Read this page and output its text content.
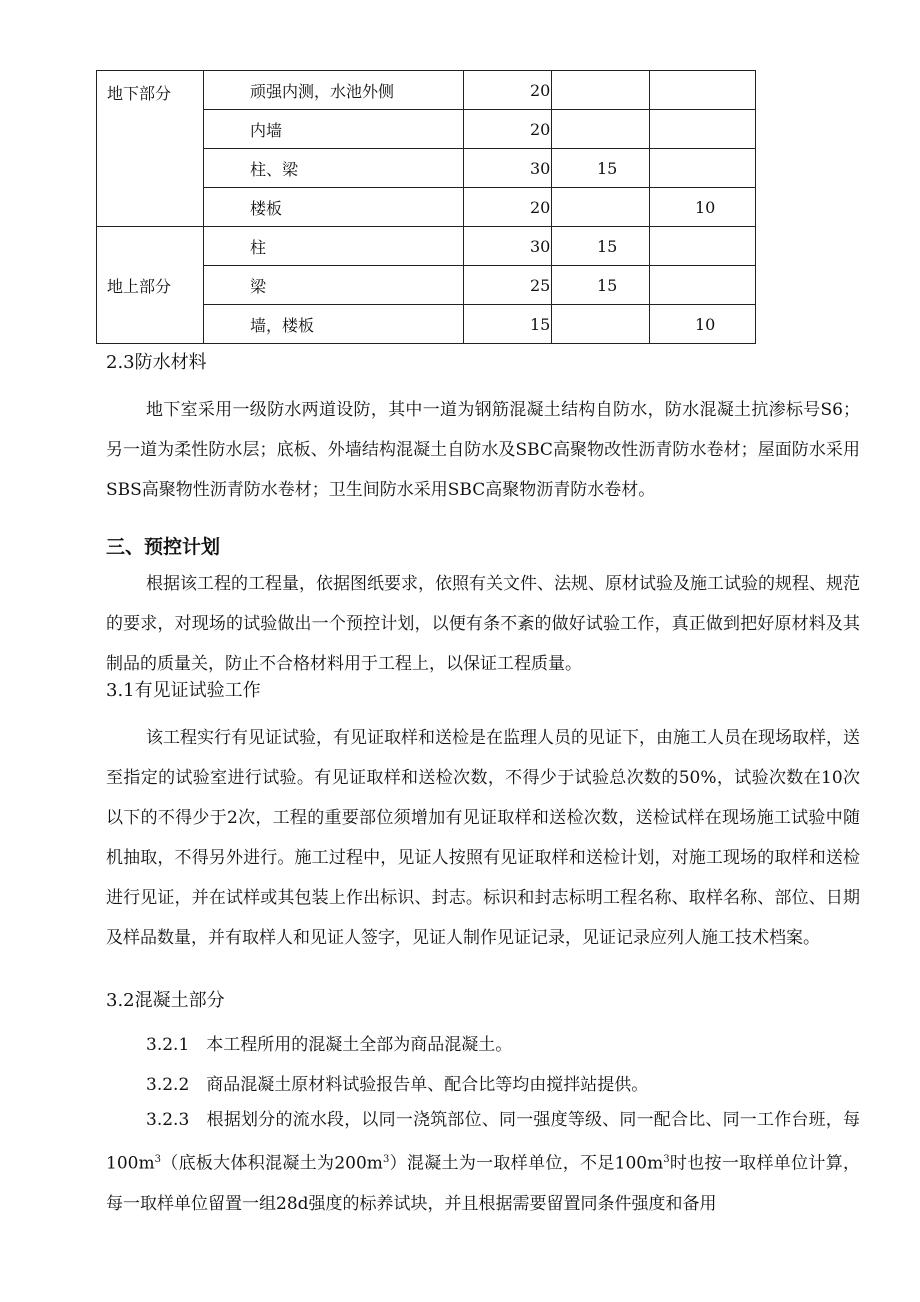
地下部分	顽强内测，水池外侧	20		
	内墙	20		
	柱、梁	30	15	
	楼板	20		10
地上部分	柱	30	15	
	梁	25	15	
	墙，楼板	15		10
2.3防水材料
地下室采用一级防水两道设防，其中一道为钢筋混凝土结构自防水，防水混凝土抗渗标号S6；另一道为柔性防水层；底板、外墙结构混凝土自防水及SBC高聚物改性沥青防水卷材；屋面防水采用SBS高聚物性沥青防水卷材；卫生间防水采用SBC高聚物沥青防水卷材。
三、预控计划
根据该工程的工程量，依据图纸要求，依照有关文件、法规、原材试验及施工试验的规程、规范的要求，对现场的试验做出一个预控计划，以便有条不紊的做好试验工作，真正做到把好原材料及其制品的质量关，防止不合格材料用于工程上，以保证工程质量。
3.1有见证试验工作
该工程实行有见证试验，有见证取样和送检是在监理人员的见证下，由施工人员在现场取样，送至指定的试验室进行试验。有见证取样和送检次数，不得少于试验总次数的50%，试验次数在10次以下的不得少于2次，工程的重要部位须增加有见证取样和送检次数，送检试样在现场施工试验中随机抽取，不得另外进行。施工过程中，见证人按照有见证取样和送检计划，对施工现场的取样和送检进行见证，并在试样或其包装上作出标识、封志。标识和封志标明工程名称、取样名称、部位、日期及样品数量，并有取样人和见证人签字，见证人制作见证记录，见证记录应列人施工技术档案。
3.2混凝土部分
3.2.1　本工程所用的混凝土全部为商品混凝土。
3.2.2　商品混凝土原材料试验报告单、配合比等均由搅拌站提供。
3.2.3　根据划分的流水段，以同一浇筑部位、同一强度等级、同一配合比、同一工作台班，每$100m^3$（底板大体积混凝土为$200m^3$）混凝土为一取样单位，不足$100m^3$时也按一取样单位计算，每一取样单位留置一组28d强度的标养试块，并且根据需要留置同条件强度和备用
